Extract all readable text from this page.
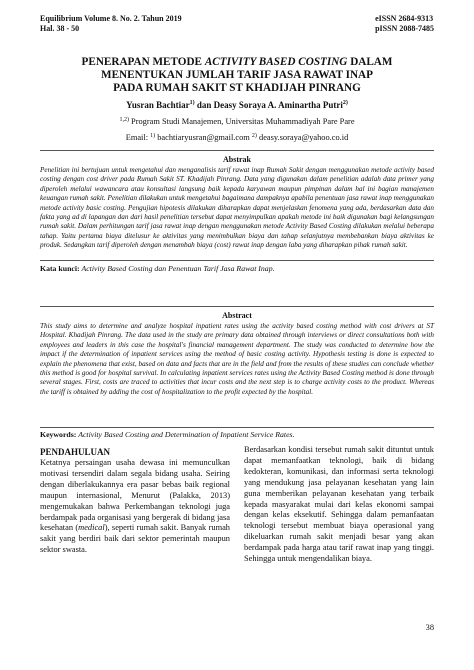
Equilibrium Volume 8. No. 2. Tahun 2019
Hal. 38 - 50
eISSN 2684-9313
pISSN 2088-7485
PENERAPAN METODE ACTIVITY BASED COSTING DALAM
MENENTUKAN JUMLAH TARIF JASA RAWAT INAP
PADA RUMAH SAKIT ST KHADIJAH PINRANG
Yusran Bachtiar$^{1)}$ dan Deasy Soraya A. Aminartha Putri$^{2)}$
$^{1,2)}$ Program Studi Manajemen, Universitas Muhammadiyah Pare Pare
Email: $^{1)}$ bachtiaryusran@gmail.com $^{2)}$ deasy.soraya@yahoo.co.id
Abstrak
Penelitian ini bertujuan untuk mengetahui dan menganalisis tarif rawat inap Rumah Sakit dengan menggunakan metode activity based costing dengan cost driver pada Rumah Sakit ST. Khadijah Pinrang. Data yang digunakan dalam penelitian adalah data primer yang diperoleh melalui wawancara atau konsultasi langsung baik kepada karyawan maupun pimpinan dalam hal ini bagian manajemen keuangan rumah sakit. Penelitian dilakukan untuk mengetahui bagaimana dampaknya apabila penentuan jasa rawat inap menggunakan metode activity basic costing. Pengujian hipotesis dilakukan diharapkan dapat menjelaskan fenomena yang ada, berdasarkan data dan fakta yang ad di lapangan dan dari hasil penelitian tersebut dapat menyimpulkan apakah metode ini baik digunakan bagi kelangsungan rumah sakit. Dalam perhitungan tarif jasa rawat inap dengan menggunakan metode Activity Based Costing dilakukan melalui beberapa tahap. Yaitu pertama biaya ditelusur ke aktivitas yang menimbulkan biaya dan tahap selanjutnya membebankan biaya aktivitas ke produk. Sedangkan tarif diperoleh dengan menambah biaya (cost) rawat inap dengan laba yang diharapkan pihak rumah sakit.
Kata kunci: Activity Based Costing dan Penentuan Tarif Jasa Rawat Inap.
Abstract
This study aims to determine and analyze hospital inpatient rates using the activity based costing method with cost drivers at ST Hospital. Khadijah Pinrang. The data used in the study are primary data obtained through interviews or direct consultations both with employees and leaders in this case the hospital's financial management department. The study was conducted to determine how the impact if the determination of inpatient services using the method of basic costing activity. Hypothesis testing is done is expected to explain the phenomena that exist, based on data and facts that are in the field and from the results of these studies can conclude whether this method is good for hospital survival. In calculating inpatient services rates using the Activity Based Costing method is done through several stages. First, costs are traced to activities that incur costs and the next step is to charge activity costs to the product. Whereas the tariff is obtained by adding the cost of hospitalization to the profit expected by the hospital.
Keywords: Activity Based Costing and Determination of Inpatient Service Rates.
PENDAHULUAN
Ketatnya persaingan usaha dewasa ini memunculkan motivasi tersendiri dalam segala bidang usaha. Seiring dengan diberlakukannya era pasar bebas baik regional maupun internasional, Menurut (Palakka, 2013) mengemukakan bahwa Perkembangan teknologi juga berdampak pada organisasi yang bergerak di bidang jasa kesehatan (medical), seperti rumah sakit. Banyak rumah sakit yang berdiri baik dari sektor pemerintah maupun sektor swasta.
Berdasarkan kondisi tersebut rumah sakit dituntut untuk dapat memanfaatkan teknologi, baik di bidang kedokteran, komunikasi, dan informasi serta teknologi yang mendukung jasa pelayanan kesehatan yang lain guna memberikan pelayanan kesehatan yang terbaik kepada masyarakat mulai dari kelas ekonomi sampai dengan kelas eksekutif. Sehingga dalam pemanfaatan teknologi tersebut membuat biaya operasional yang dikeluarkan rumah sakit menjadi besar yang akan berdampak pada harga atau tarif rawat inap yang tinggi. Sehingga untuk mengendalikan biaya.
38
